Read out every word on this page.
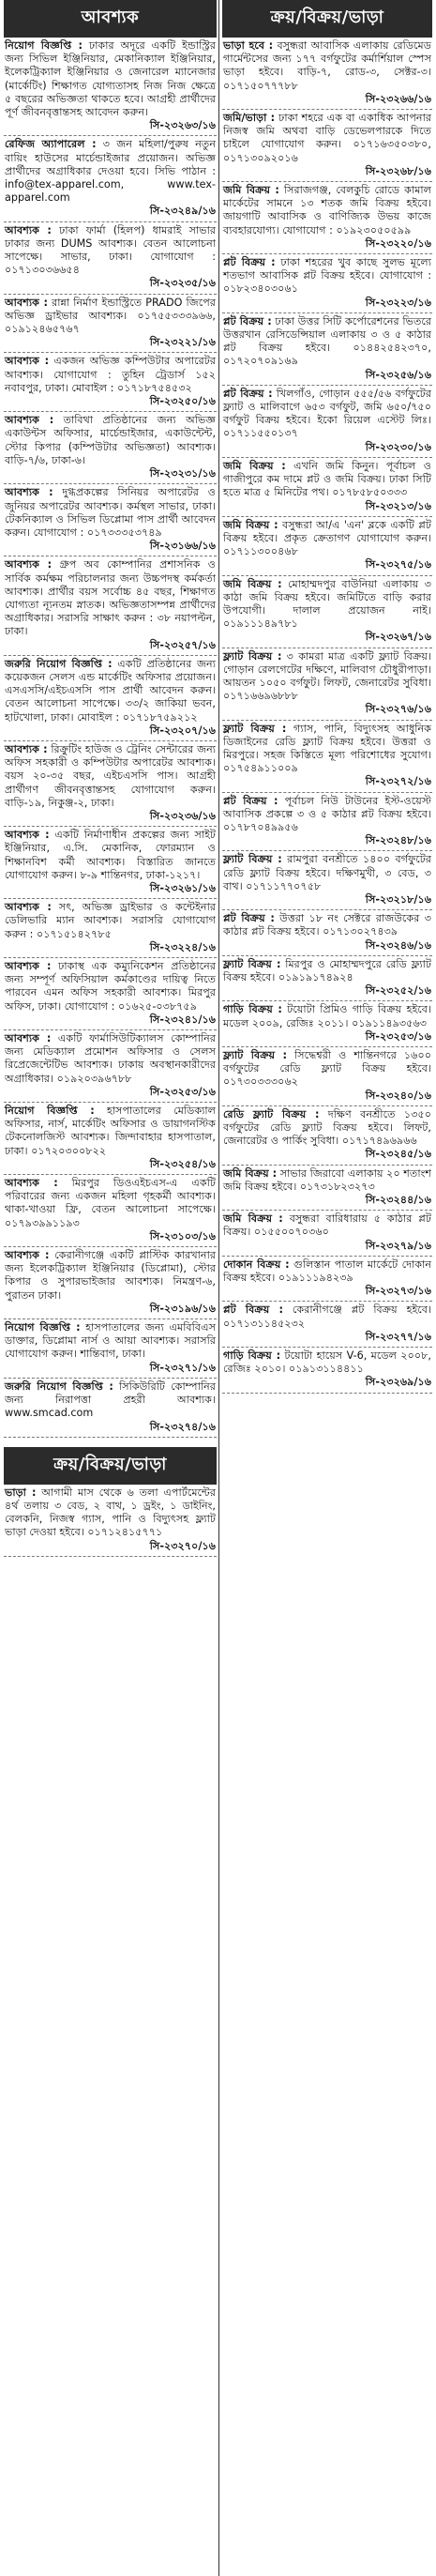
আবশ্যক
নিয়োগ বিজ্ঞপ্তি : ঢাকার অদূরে একটি ইন্ডাস্ট্রির জন্য সিভিল ইঞ্জিনিয়ার, মেকানিক্যাল ইঞ্জিনিয়ার, ইলেকট্রিক্যাল ইঞ্জিনিয়ার ও জেনারেল ম্যানেজার (মার্কেটিং) শিক্ষাগত যোগ্যতাসহ নিজ নিজ ক্ষেত্রে ৫ বছরের অভিজ্ঞতা থাকতে হবে। আগ্রহী প্রার্থীদের পূর্ণ জীবনবৃত্তান্তসহ আবেদন করুন।
সি-২৩২৬৩/১৬
রেফিজ অ্যাপারেল : ৩ জন মহিলা/পুরুষ নতুন বায়িং হাউসের মার্চেন্ডাইজার প্রয়োজন। অভিজ্ঞ প্রার্থীদের অগ্রাধিকার দেওয়া হবে। সিভি পাঠান : info@tex-apparel.com, www.tex-apparel.com
সি-২৩২৪৯/১৬
আবশ্যক : ঢাকা ফার্মা (হিলপ) ধামরাই সাভার ঢাকার জন্য DUMS আবশ্যক। বেতন আলোচনা সাপেক্ষে। সাভার, ঢাকা। যোগাযোগ : ০১৭১৩০৩৬৬৫৪
সি-২৩২৩৫/১৬
আবশ্যক : রান্না নির্মাণ ইন্ডাস্ট্রিতে PRADO জিপের অভিজ্ঞ ড্রাইভার আবশ্যক। ০১৭৫৫৩৩৩৯৬৬, ০১৯১২৪৬৫৭৬৭
সি-২৩২২১/১৬
আবশ্যক : একজন অভিজ্ঞ কম্পিউটার অপারেটর আবশ্যক। যোগাযোগ : তুহিন ট্রেডার্স ১৫২ নবাবপুর, ঢাকা। মোবাইল : ০১৭১৮৭৫৪৫৩২
সি-২৩২৫০/১৬
আবশ্যক : তাবিথা প্রতিষ্ঠানের জন্য অভিজ্ঞ একাউন্টস অফিসার, মার্চেন্ডাইজার, একাউন্টেন্ট, স্টোর কিপার (কম্পিউটার অভিজ্ঞতা) আবশ্যক। বাড়ি-৭/৬, ঢাকা-৬।
সি-২৩২৩১/১৬
আবশ্যক : দুগ্ধপ্রকল্পের সিনিয়র অপারেটর ও জুনিয়র অপারেটর আবশ্যক। কর্মস্থল সাভার, ঢাকা। টেকনিক্যাল ও সিভিল ডিপ্লোমা পাস প্রার্থী আবেদন করুন। যোগাযোগ : ০১৭৩৩৩৫৩৭৪৯
সি-২৩১৬৬/১৬
আবশ্যক : গ্রুপ অব কোম্পানির প্রশাসনিক ও সার্বিক কর্মক্ষম পরিচালনার জন্য উচ্চপদস্থ কর্মকর্তা আবশ্যক। প্রার্থীর বয়স সর্বোচ্চ ৪৫ বছর, শিক্ষাগত যোগ্যতা ন্যূনতম স্নাতক। অভিজ্ঞতাসম্পন্ন প্রার্থীদের অগ্রাধিকার। সরাসরি সাক্ষাৎ করুন : ৩৮ নয়াপল্টন, ঢাকা।
সি-২৩২৫৭/১৬
জরুরি নিয়োগ বিজ্ঞপ্তি : একটি প্রতিষ্ঠানের জন্য কয়েকজন সেলস এন্ড মার্কেটিং অফিসার প্রয়োজন। এসএসসি/এইচএসসি পাস প্রার্থী আবেদন করুন। বেতন আলোচনা সাপেক্ষে। ৩৩/২ জাকিয়া ভবন, হাটখোলা, ঢাকা। মোবাইল : ০১৭১৮৭৫৯২১২
সি-২৩২০৭/১৬
আবশ্যক : রিক্রুটিং হাউজ ও ট্রেনিং সেন্টারের জন্য অফিস সহকারী ও কম্পিউটার অপারেটর আবশ্যক। বয়স ২০-৩৫ বছর, এইচএসসি পাস। আগ্রহী প্রার্থীগণ জীবনবৃত্তান্তসহ যোগাযোগ করুন। বাড়ি-১৯, নিকুঞ্জ-২, ঢাকা।
সি-২৩২৩৬/১৬
আবশ্যক : একটি নির্মাণাধীন প্রকল্পের জন্য সাইট ইঞ্জিনিয়ার, এ.সি. মেকানিক, ফোরম্যান ও শিক্ষানবিশ কর্মী আবশ্যক। বিস্তারিত জানতে যোগাযোগ করুন। ৮-৯ শান্তিনগর, ঢাকা-১২১৭।
সি-২৩২৬১/১৬
আবশ্যক : সৎ, অভিজ্ঞ ড্রাইভার ও কন্টেইনার ডেলিভারি ম্যান আবশ্যক। সরাসরি যোগাযোগ করুন : ০১৭১৫১৪২৭৮৫
সি-২৩২২৪/১৬
আবশ্যক : ঢাকাস্থ এক কম্যুনিকেশন প্রতিষ্ঠানের জন্য সম্পূর্ণ অফিসিয়াল কর্মকাণ্ডের দায়িত্ব নিতে পারবেন এমন অফিস সহকারী আবশ্যক। মিরপুর অফিস, ঢাকা। যোগাযোগ : ০১৬২৫-০৩৮৭৫৯
সি-২৩২৪১/১৬
আবশ্যক : একটি ফার্মাসিউটিক্যালস কোম্পানির জন্য মেডিক্যাল প্রমোশন অফিসার ও সেলস রিপ্রেজেন্টেটিভ আবশ্যক। ঢাকায় অবস্থানকারীদের অগ্রাধিকার। ০১৯২০৩৯৬৭৮৮
সি-২৩২৫৩/১৬
নিয়োগ বিজ্ঞপ্তি : হাসপাতালের মেডিক্যাল অফিসার, নার্স, মার্কেটিং অফিসার ও ডায়াগনস্টিক টেকনোলজিস্ট আবশ্যক। জিন্দাবাহার হাসপাতাল, ঢাকা। ০১৭২০৩০০৮২২
সি-২৩২৫৪/১৬
আবশ্যক : মিরপুর ডিওএইচএস-এ একটি পরিবারের জন্য একজন মহিলা গৃহকর্মী আবশ্যক। থাকা-খাওয়া ফ্রি, বেতন আলোচনা সাপেক্ষে। ০১৭৯৩৯৯১১৯৩
সি-২৩১০৩/১৬
আবশ্যক : কেরানীগঞ্জে একটি প্লাস্টিক কারখানার জন্য ইলেকট্রিক্যাল ইঞ্জিনিয়ার (ডিপ্লোমা), স্টোর কিপার ও সুপারভাইজার আবশ্যক। নিমন্ত্রণ-৬, পুরাতন ঢাকা।
সি-২৩১৯৬/১৬
নিয়োগ বিজ্ঞপ্তি : হাসপাতালের জন্য এমবিবিএস ডাক্তার, ডিপ্লোমা নার্স ও আয়া আবশ্যক। সরাসরি যোগাযোগ করুন। শান্তিবাগ, ঢাকা।
সি-২৩২৭১/১৬
জরুরি নিয়োগ বিজ্ঞপ্তি : সিকিউরিটি কোম্পানির জন্য নিরাপত্তা প্রহরী আবশ্যক। www.smcad.com
সি-২৩২৭৪/১৬
ক্রয়/বিক্রয়/ভাড়া
ভাড়া : আগামী মাস থেকে ৬ তলা এপার্টমেন্টের ৪র্থ তলায় ৩ বেড, ২ বাথ, ১ ড্রইং, ১ ডাইনিং, বেলকনি, নিজস্ব গ্যাস, পানি ও বিদ্যুৎসহ ফ্ল্যাট ভাড়া দেওয়া হইবে। ০১৭১২৪১৫৭৭১
সি-২৩২৭০/১৬
ক্রয়/বিক্রয়/ভাড়া
ভাড়া হবে : বসুন্ধরা আবাসিক এলাকায় রেডিমেড গার্মেন্টসের জন্য ১৭৭ বর্গফুটের কর্মার্শিয়াল স্পেস ভাড়া হইবে। বাড়ি-৭, রোড-৩, সেক্টর-৩। ০১৭১৫০৭৭৭৮৮
সি-২৩২৬৬/১৬
জমি/ভাড়া : ঢাকা শহরে এক বা একাধিক আপনার নিজস্ব জমি অথবা বাড়ি ডেভেলপারকে দিতে চাইলে যোগাযোগ করুন। ০১৭১৬৩৫০৩৮০, ০১৭১৩০৯২০১৬
সি-২৩২৬৮/১৬
জমি বিক্রয় : সিরাজগঞ্জ, বেলকুচি রোডে কামাল মার্কেটের সামনে ১৩ শতক জমি বিক্রয় হইবে। জায়গাটি আবাসিক ও বাণিজ্যিক উভয় কাজে ব্যবহারযোগ্য। যোগাযোগ : ০১৯২৩০৫০৫৯৯
সি-২৩২২০/১৬
প্লট বিক্রয় : ঢাকা শহরের খুব কাছে সুলভ মূল্যে শতভাগ আবাসিক প্লট বিক্রয় হইবে। যোগাযোগ : ০১৮২৩৪০৩০৬১
সি-২৩২২৩/১৬
প্লট বিক্রয় : ঢাকা উত্তর সিটি কর্পোরেশনের ভিতরে উত্তরখান রেসিডেন্সিয়াল এলাকায় ৩ ও ৫ কাঠার প্লট বিক্রয় হইবে। ০১৪৪২৫৪২৩৭০, ০১৭২০৭০৯১৬৯
সি-২৩২৫৬/১৬
প্লট বিক্রয় : খিলগাঁও, গোড়ান ৫৫৫/৫৬ বর্গফুটের ফ্ল্যাট ও মালিবাগে ৬৫৩ বর্গফুট, জমি ৬৫০/৭৫০ বর্গফুট বিক্রয় হইবে। ইকো রিয়েল এস্টেট লিঃ। ০১৭১১৫৫০১৩৭
সি-২৩২৩০/১৬
জমি বিক্রয় : এখনি জমি কিনুন। পূর্বাচল ও গাজীপুরে কম দামে প্লট ও জমি বিক্রয়। ঢাকা সিটি হতে মাত্র ৫ মিনিটের পথ। ০১৭৮৫৮৫০৩৩৩
সি-২৩২১৩/১৬
জমি বিক্রয় : বসুন্ধরা আ/এ 'এন' ব্লকে একটি প্লট বিক্রয় হইবে। প্রকৃত ক্রেতাগণ যোগাযোগ করুন। ০১৭১১৩০০৪৬৮
সি-২৩২৭৫/১৬
জমি বিক্রয় : মোহাম্মদপুর বাউনিয়া এলাকায় ৩ কাঠা জমি বিক্রয় হইবে। জমিটিতে বাড়ি করার উপযোগী। দালাল প্রয়োজন নাই। ০১৯১১১৪৯৭৮১
সি-২৩২৬৭/১৬
ফ্ল্যাট বিক্রয় : ৩ কামরা মাত্র একটি ফ্ল্যাট বিক্রয়। গোড়ান রেলগেটের দক্ষিণে, মালিবাগ চৌধুরীপাড়া। আয়তন ১০৫০ বর্গফুট। লিফট, জেনারেটর সুবিধা। ০১৭১৬৬৯৬৮৮৮
সি-২৩২৭৬/১৬
ফ্ল্যাট বিক্রয় : গ্যাস, পানি, বিদ্যুৎসহ আধুনিক ডিজাইনের রেডি ফ্ল্যাট বিক্রয় হইবে। উত্তরা ও মিরপুরে। সহজ কিস্তিতে মূল্য পরিশোধের সুযোগ। ০১৭৫৪৯১১০০৯
সি-২৩২৭২/১৬
প্লট বিক্রয় : পূর্বাচল নিউ টাউনের ইস্ট-ওয়েস্ট আবাসিক প্রকল্পে ৩ ও ৫ কাঠার প্লট বিক্রয় হইবে। ০১৭৮৭০৪৯৯৫৬
সি-২৩২৪৮/১৬
ফ্ল্যাট বিক্রয় : রামপুরা বনশ্রীতে ১৪০০ বর্গফুটের রেডি ফ্ল্যাট বিক্রয় হইবে। দক্ষিণমুখী, ৩ বেড, ৩ বাথ। ০১৭১১৭৭০৭৫৮
সি-২৩২১৮/১৬
প্লট বিক্রয় : উত্তরা ১৮ নং সেক্টরে রাজউকের ৩ কাঠার প্লট বিক্রয় হইবে। ০১৭১৩০২৭৪৩৯
সি-২৩২৪৬/১৬
ফ্ল্যাট বিক্রয় : মিরপুর ও মোহাম্মদপুরে রেডি ফ্ল্যাট বিক্রয় হইবে। ০১৯১৯১৭৪৯২৪
সি-২৩২৫২/১৬
গাড়ি বিক্রয় : টয়োটা প্রিমিও গাড়ি বিক্রয় হইবে। মডেল ২০০৯, রেজিঃ ২০১১। ০১৯১১৪৯৩৫৬৩
সি-২৩২৫৩/১৬
ফ্ল্যাট বিক্রয় : সিদ্ধেশ্বরী ও শান্তিনগরে ১৬০০ বর্গফুটের রেডি ফ্ল্যাট বিক্রয় হইবে। ০১৭৩০৩৩৩০৬২
সি-২৩২৪০/১৬
রেডি ফ্ল্যাট বিক্রয় : দক্ষিণ বনশ্রীতে ১৩৫০ বর্গফুটের রেডি ফ্ল্যাট বিক্রয় হইবে। লিফট, জেনারেটর ও পার্কিং সুবিধা। ০১৭১৭৪৯৬৯৬৬
সি-২৩২৪৫/১৬
জমি বিক্রয় : সাভার জিরাবো এলাকায় ২০ শতাংশ জমি বিক্রয় হইবে। ০১৭৩১৮২৩২৭৩
সি-২৩২৪৪/১৬
জমি বিক্রয় : বসুন্ধরা বারিধারায় ৫ কাঠার প্লট বিক্রয়। ০১৫৫০০৭০৩৬০
সি-২৩২৭৯/১৬
দোকান বিক্রয় : গুলিস্তান পাতাল মার্কেটে দোকান বিক্রয় হইবে। ০১৯১১১৯৪২৩৯
সি-২৩২৭৩/১৬
প্লট বিক্রয় : কেরানীগঞ্জে প্লট বিক্রয় হইবে। ০১৭১৩১১৪৫২৩২
সি-২৩২৭৭/১৬
গাড়ি বিক্রয় : টয়োটা হায়েস V-6, মডেল ২০০৮, রেজিঃ ২০১০। ০১৯১৩১১৪৪১১
সি-২৩২৬৯/১৬
